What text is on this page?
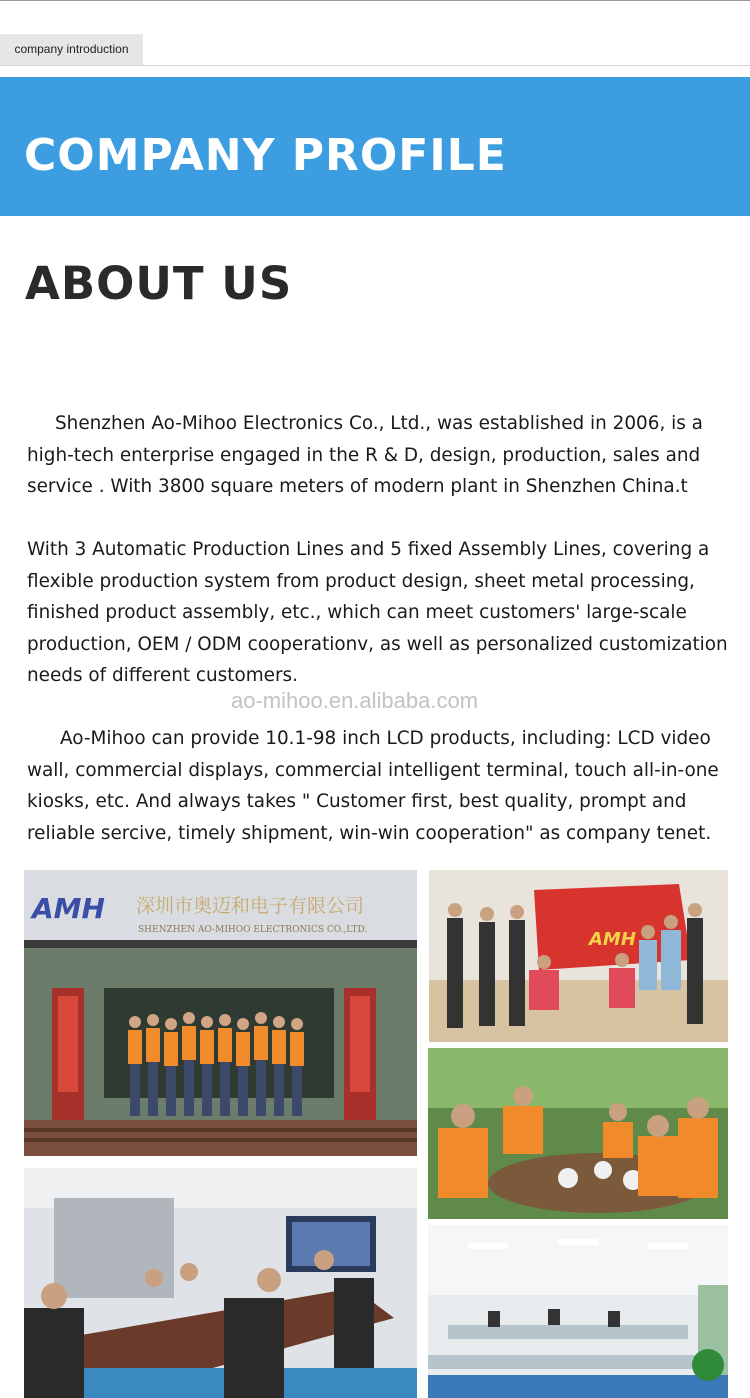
company introduction
COMPANY PROFILE
ABOUT US

Shenzhen Ao-Mihoo Electronics Co., Ltd., was established in 2006, is a high-tech enterprise engaged in the R & D, design, production, sales and service . With 3800 square meters of modern plant in Shenzhen China.t

With 3 Automatic Production Lines and 5 fixed Assembly Lines, covering a flexible production system from product design, sheet metal processing, finished product assembly, etc., which can meet customers' large-scale production, OEM / ODM cooperationv, as well as personalized customization needs of different customers.

ao-mihoo.en.alibaba.com

Ao-Mihoo can provide 10.1-98 inch LCD products, including: LCD video wall, commercial displays, commercial intelligent terminal, touch all-in-one kiosks, etc. And always takes " Customer first, best quality, prompt and reliable sercive, timely shipment, win-win cooperation" as company tenet.

AMH 深圳市奥迈和电子有限公司
SHENZHEN AO-MIHOO ELECTRONICS CO.,LTD.	AMH
